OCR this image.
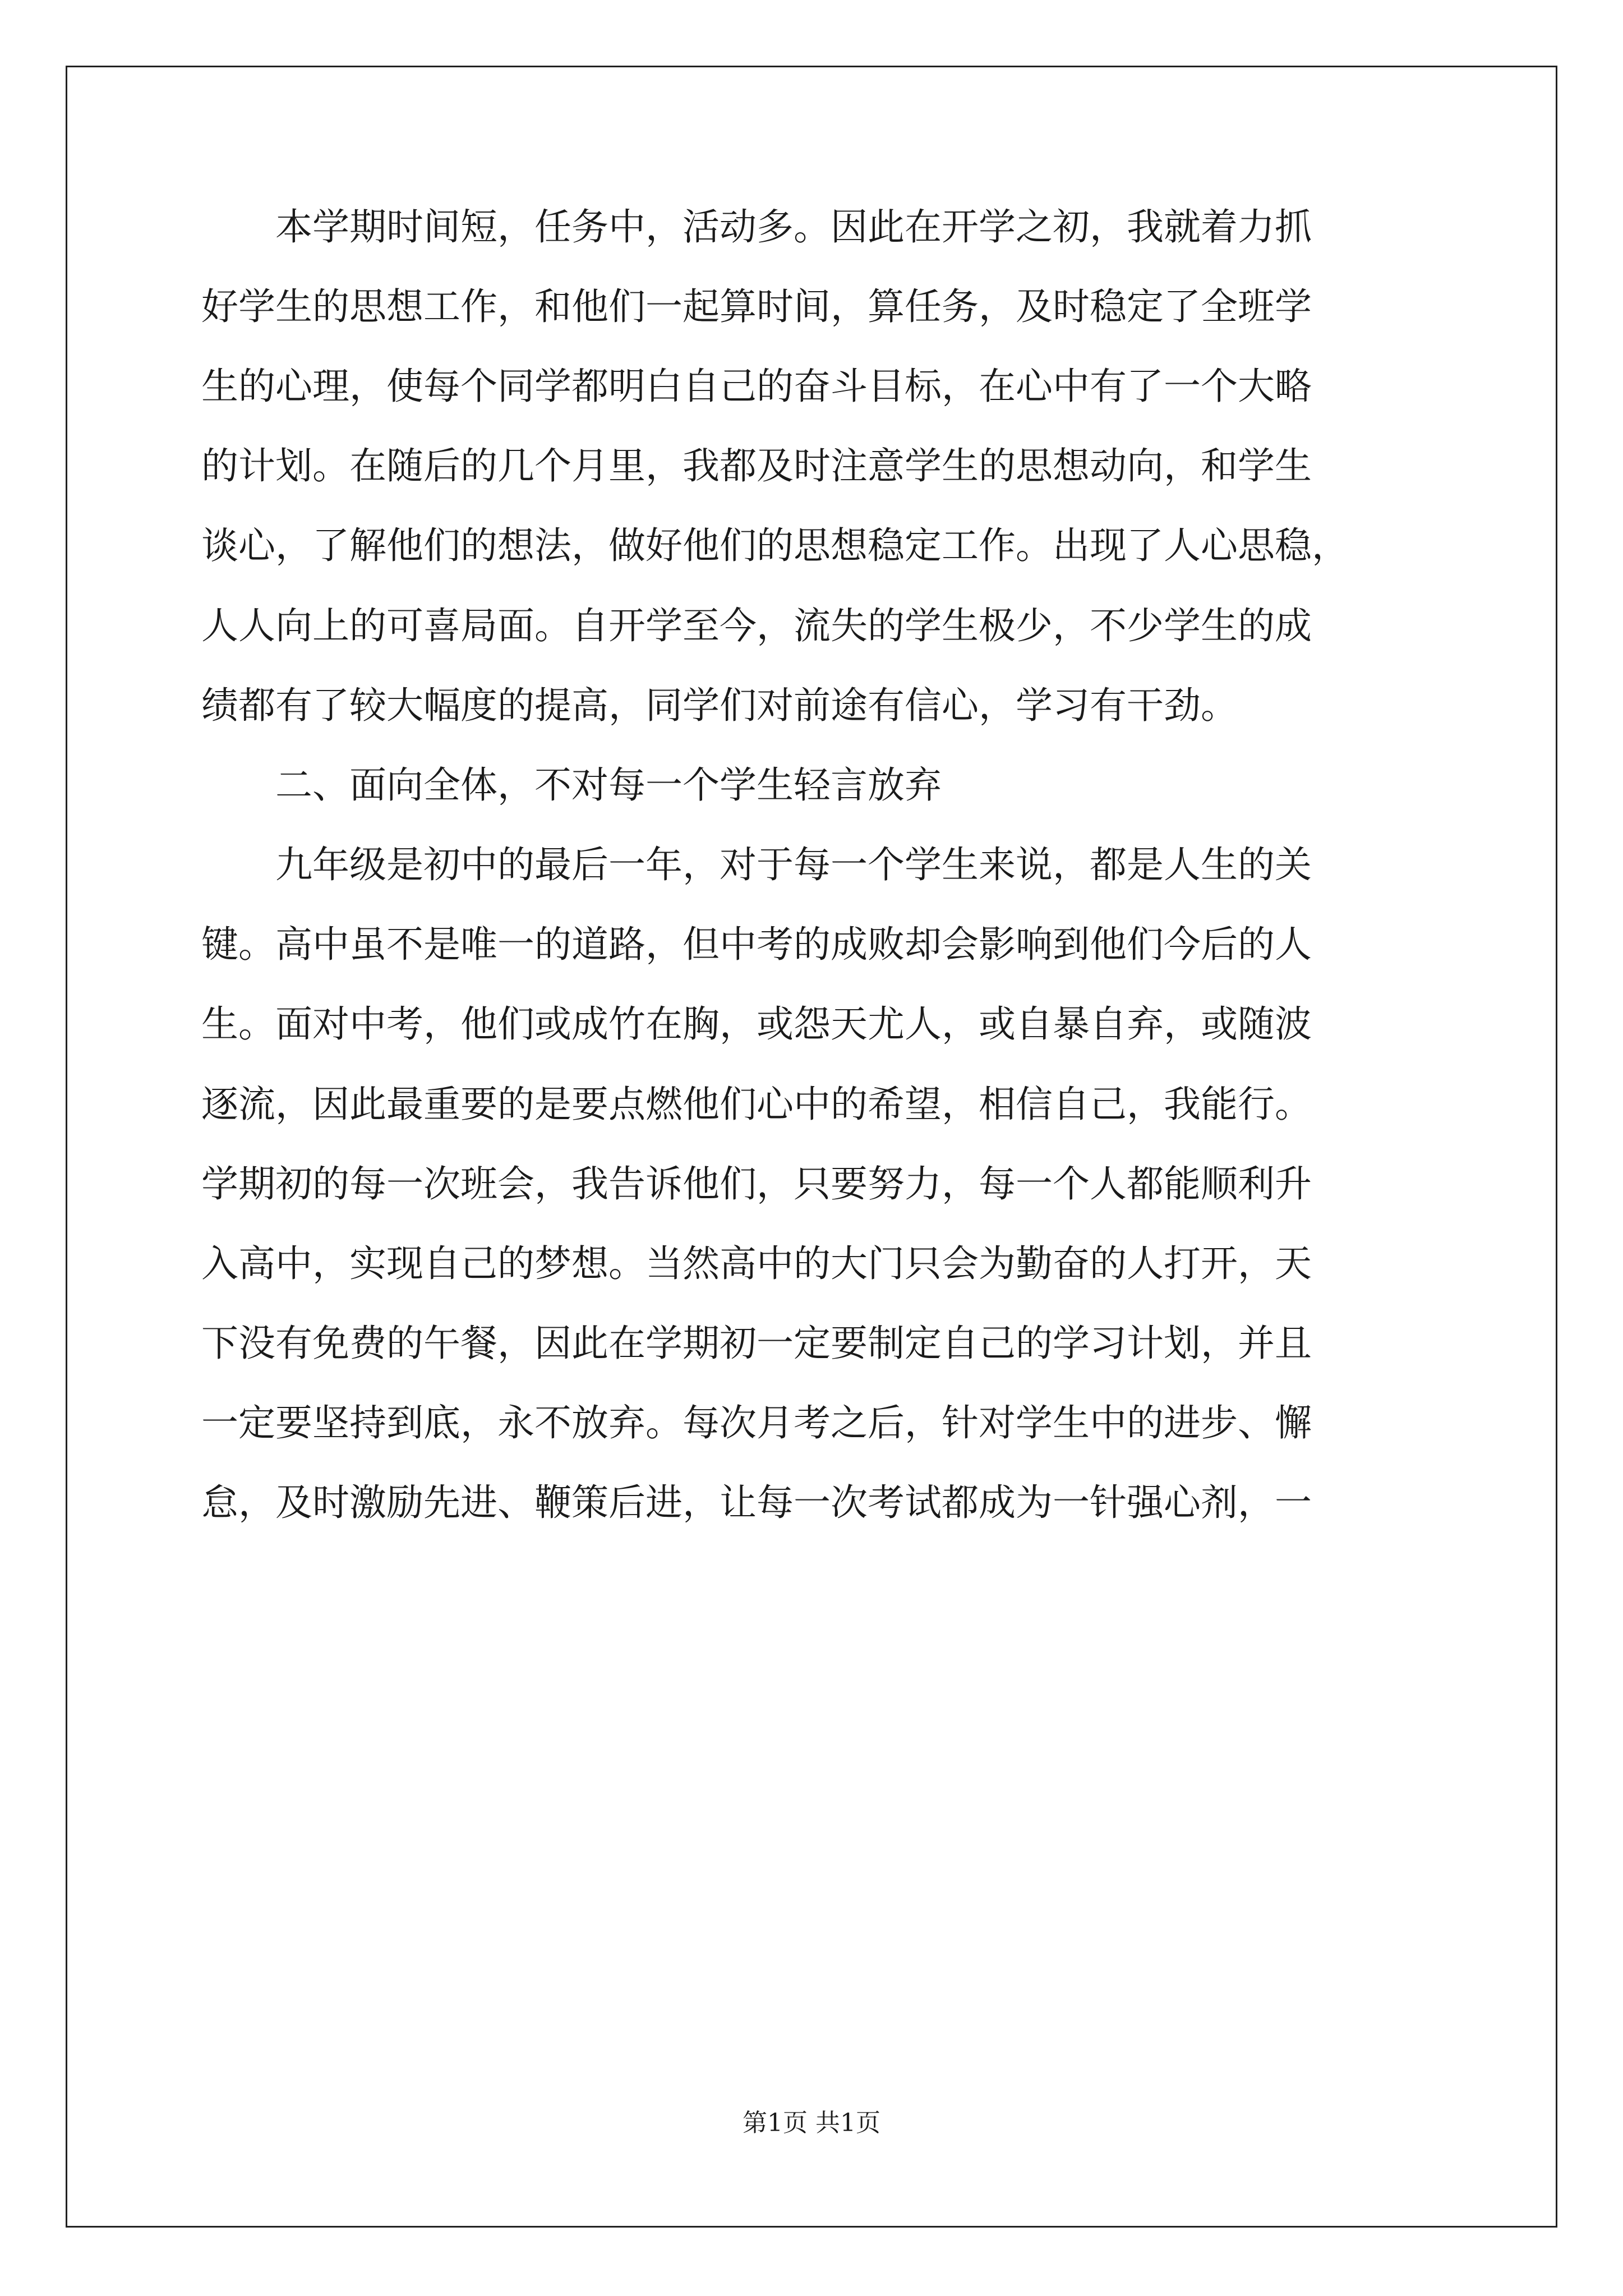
本学期时间短，任务中，活动多。因此在开学之初，我就着力抓
好学生的思想工作，和他们一起算时间，算任务，及时稳定了全班学
生的心理，使每个同学都明白自己的奋斗目标，在心中有了一个大略
的计划。在随后的几个月里，我都及时注意学生的思想动向，和学生
谈心，了解他们的想法，做好他们的思想稳定工作。出现了人心思稳，
人人向上的可喜局面。自开学至今，流失的学生极少，不少学生的成
绩都有了较大幅度的提高，同学们对前途有信心，学习有干劲。
二、面向全体，不对每一个学生轻言放弃
九年级是初中的最后一年，对于每一个学生来说，都是人生的关
键。高中虽不是唯一的道路，但中考的成败却会影响到他们今后的人
生。面对中考，他们或成竹在胸，或怨天尤人，或自暴自弃，或随波
逐流，因此最重要的是要点燃他们心中的希望，相信自己，我能行。
学期初的每一次班会，我告诉他们，只要努力，每一个人都能顺利升
入高中，实现自己的梦想。当然高中的大门只会为勤奋的人打开，天
下没有免费的午餐，因此在学期初一定要制定自己的学习计划，并且
一定要坚持到底，永不放弃。每次月考之后，针对学生中的进步、懈
怠，及时激励先进、鞭策后进，让每一次考试都成为一针强心剂，一
第1页 共1页
